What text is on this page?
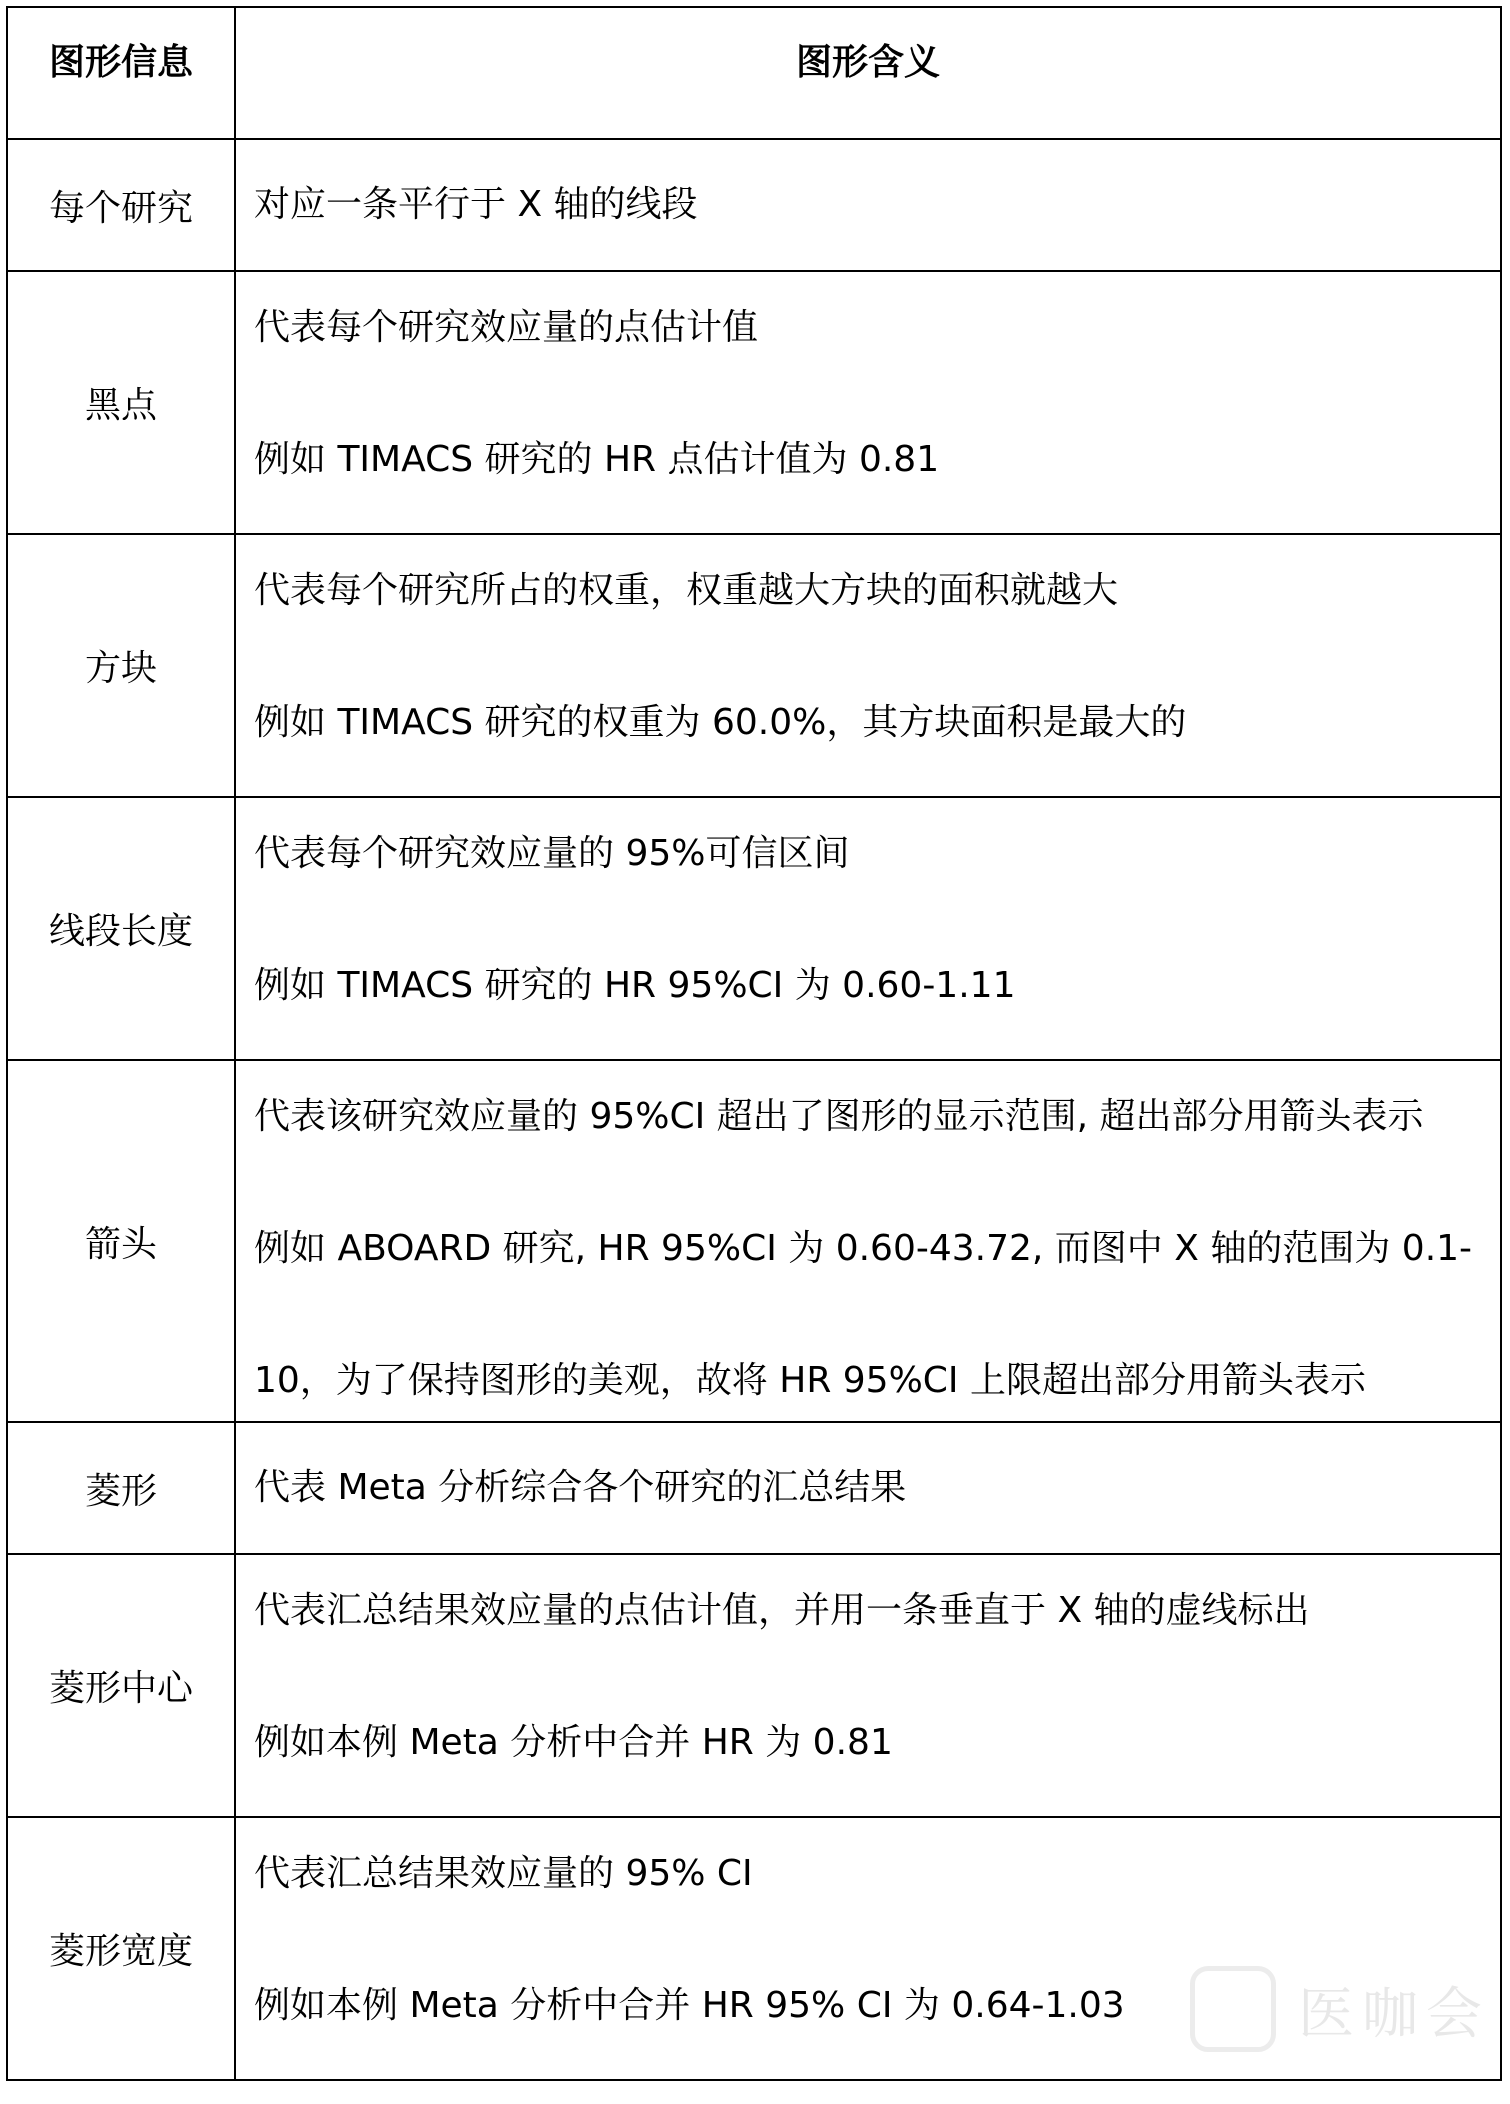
图形信息	图形含义

每个研究	对应一条平行于 X 轴的线段

黑点	代表每个研究效应量的点估计值
例如 TIMACS 研究的 HR 点估计值为 0.81

方块	代表每个研究所占的权重，权重越大方块的面积就越大
例如 TIMACS 研究的权重为 60.0%，其方块面积是最大的

线段长度	代表每个研究效应量的 95%可信区间
例如 TIMACS 研究的 HR 95%CI 为 0.60-1.11

箭头	代表该研究效应量的 95%CI 超出了图形的显示范围, 超出部分用箭头表示
例如 ABOARD 研究, HR 95%CI 为 0.60-43.72, 而图中 X 轴的范围为 0.1-
10，为了保持图形的美观，故将 HR 95%CI 上限超出部分用箭头表示

菱形	代表 Meta 分析综合各个研究的汇总结果

菱形中心	代表汇总结果效应量的点估计值，并用一条垂直于 X 轴的虚线标出
例如本例 Meta 分析中合并 HR 为 0.81

菱形宽度	代表汇总结果效应量的 95% CI
例如本例 Meta 分析中合并 HR 95% CI 为 0.64-1.03	医咖会
